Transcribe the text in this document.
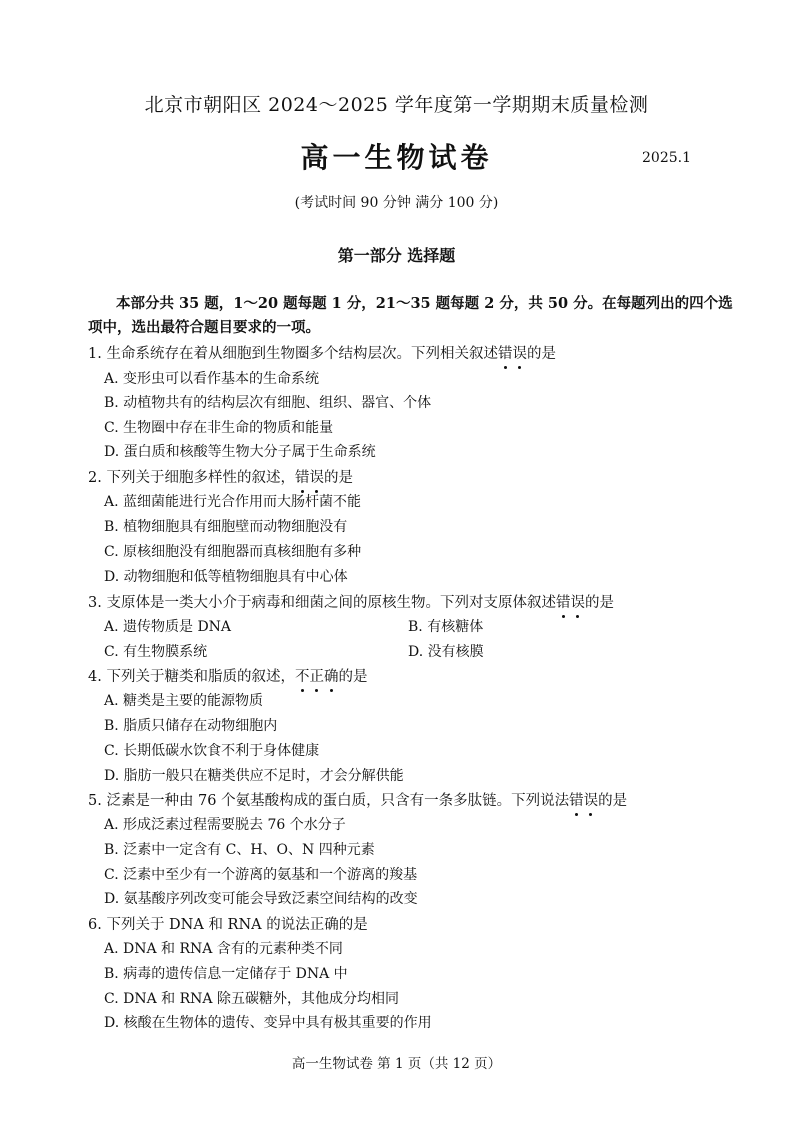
北京市朝阳区 2024～2025 学年度第一学期期末质量检测
高一生物试卷	2025.1
(考试时间 90 分钟 满分 100 分)
第一部分 选择题
本部分共 35 题，1～20 题每题 1 分，21～35 题每题 2 分，共 50 分。在每题列出的四个选
项中，选出最符合题目要求的一项。
1. 生命系统存在着从细胞到生物圈多个结构层次。下列相关叙述错
误
的是
A. 变形虫可以看作基本的生命系统
B. 动植物共有的结构层次有细胞、组织、器官、个体
C. 生物圈中存在非生命的物质和能量
D. 蛋白质和核酸等生物大分子属于生命系统
2. 下列关于细胞多样性的叙述，错
误
的是
A. 蓝细菌能进行光合作用而大肠杆菌不能
B. 植物细胞具有细胞壁而动物细胞没有
C. 原核细胞没有细胞器而真核细胞有多种
D. 动物细胞和低等植物细胞具有中心体
3. 支原体是一类大小介于病毒和细菌之间的原核生物。下列对支原体叙述错
误
的是
A. 遗传物质是 DNA	B. 有核糖体
C. 有生物膜系统	D. 没有核膜
4. 下列关于糖类和脂质的叙述，不
正
确
的是
A. 糖类是主要的能源物质
B. 脂质只储存在动物细胞内
C. 长期低碳水饮食不利于身体健康
D. 脂肪一般只在糖类供应不足时，才会分解供能
5. 泛素是一种由 76 个氨基酸构成的蛋白质，只含有一条多肽链。下列说法错
误
的是
A. 形成泛素过程需要脱去 76 个水分子
B. 泛素中一定含有 C、H、O、N 四种元素
C. 泛素中至少有一个游离的氨基和一个游离的羧基
D. 氨基酸序列改变可能会导致泛素空间结构的改变
6. 下列关于 DNA 和 RNA 的说法正确的是
A. DNA 和 RNA 含有的元素种类不同
B. 病毒的遗传信息一定储存于 DNA 中
C. DNA 和 RNA 除五碳糖外，其他成分均相同
D. 核酸在生物体的遗传、变异中具有极其重要的作用
高一生物试卷 第 1 页（共 12 页）
